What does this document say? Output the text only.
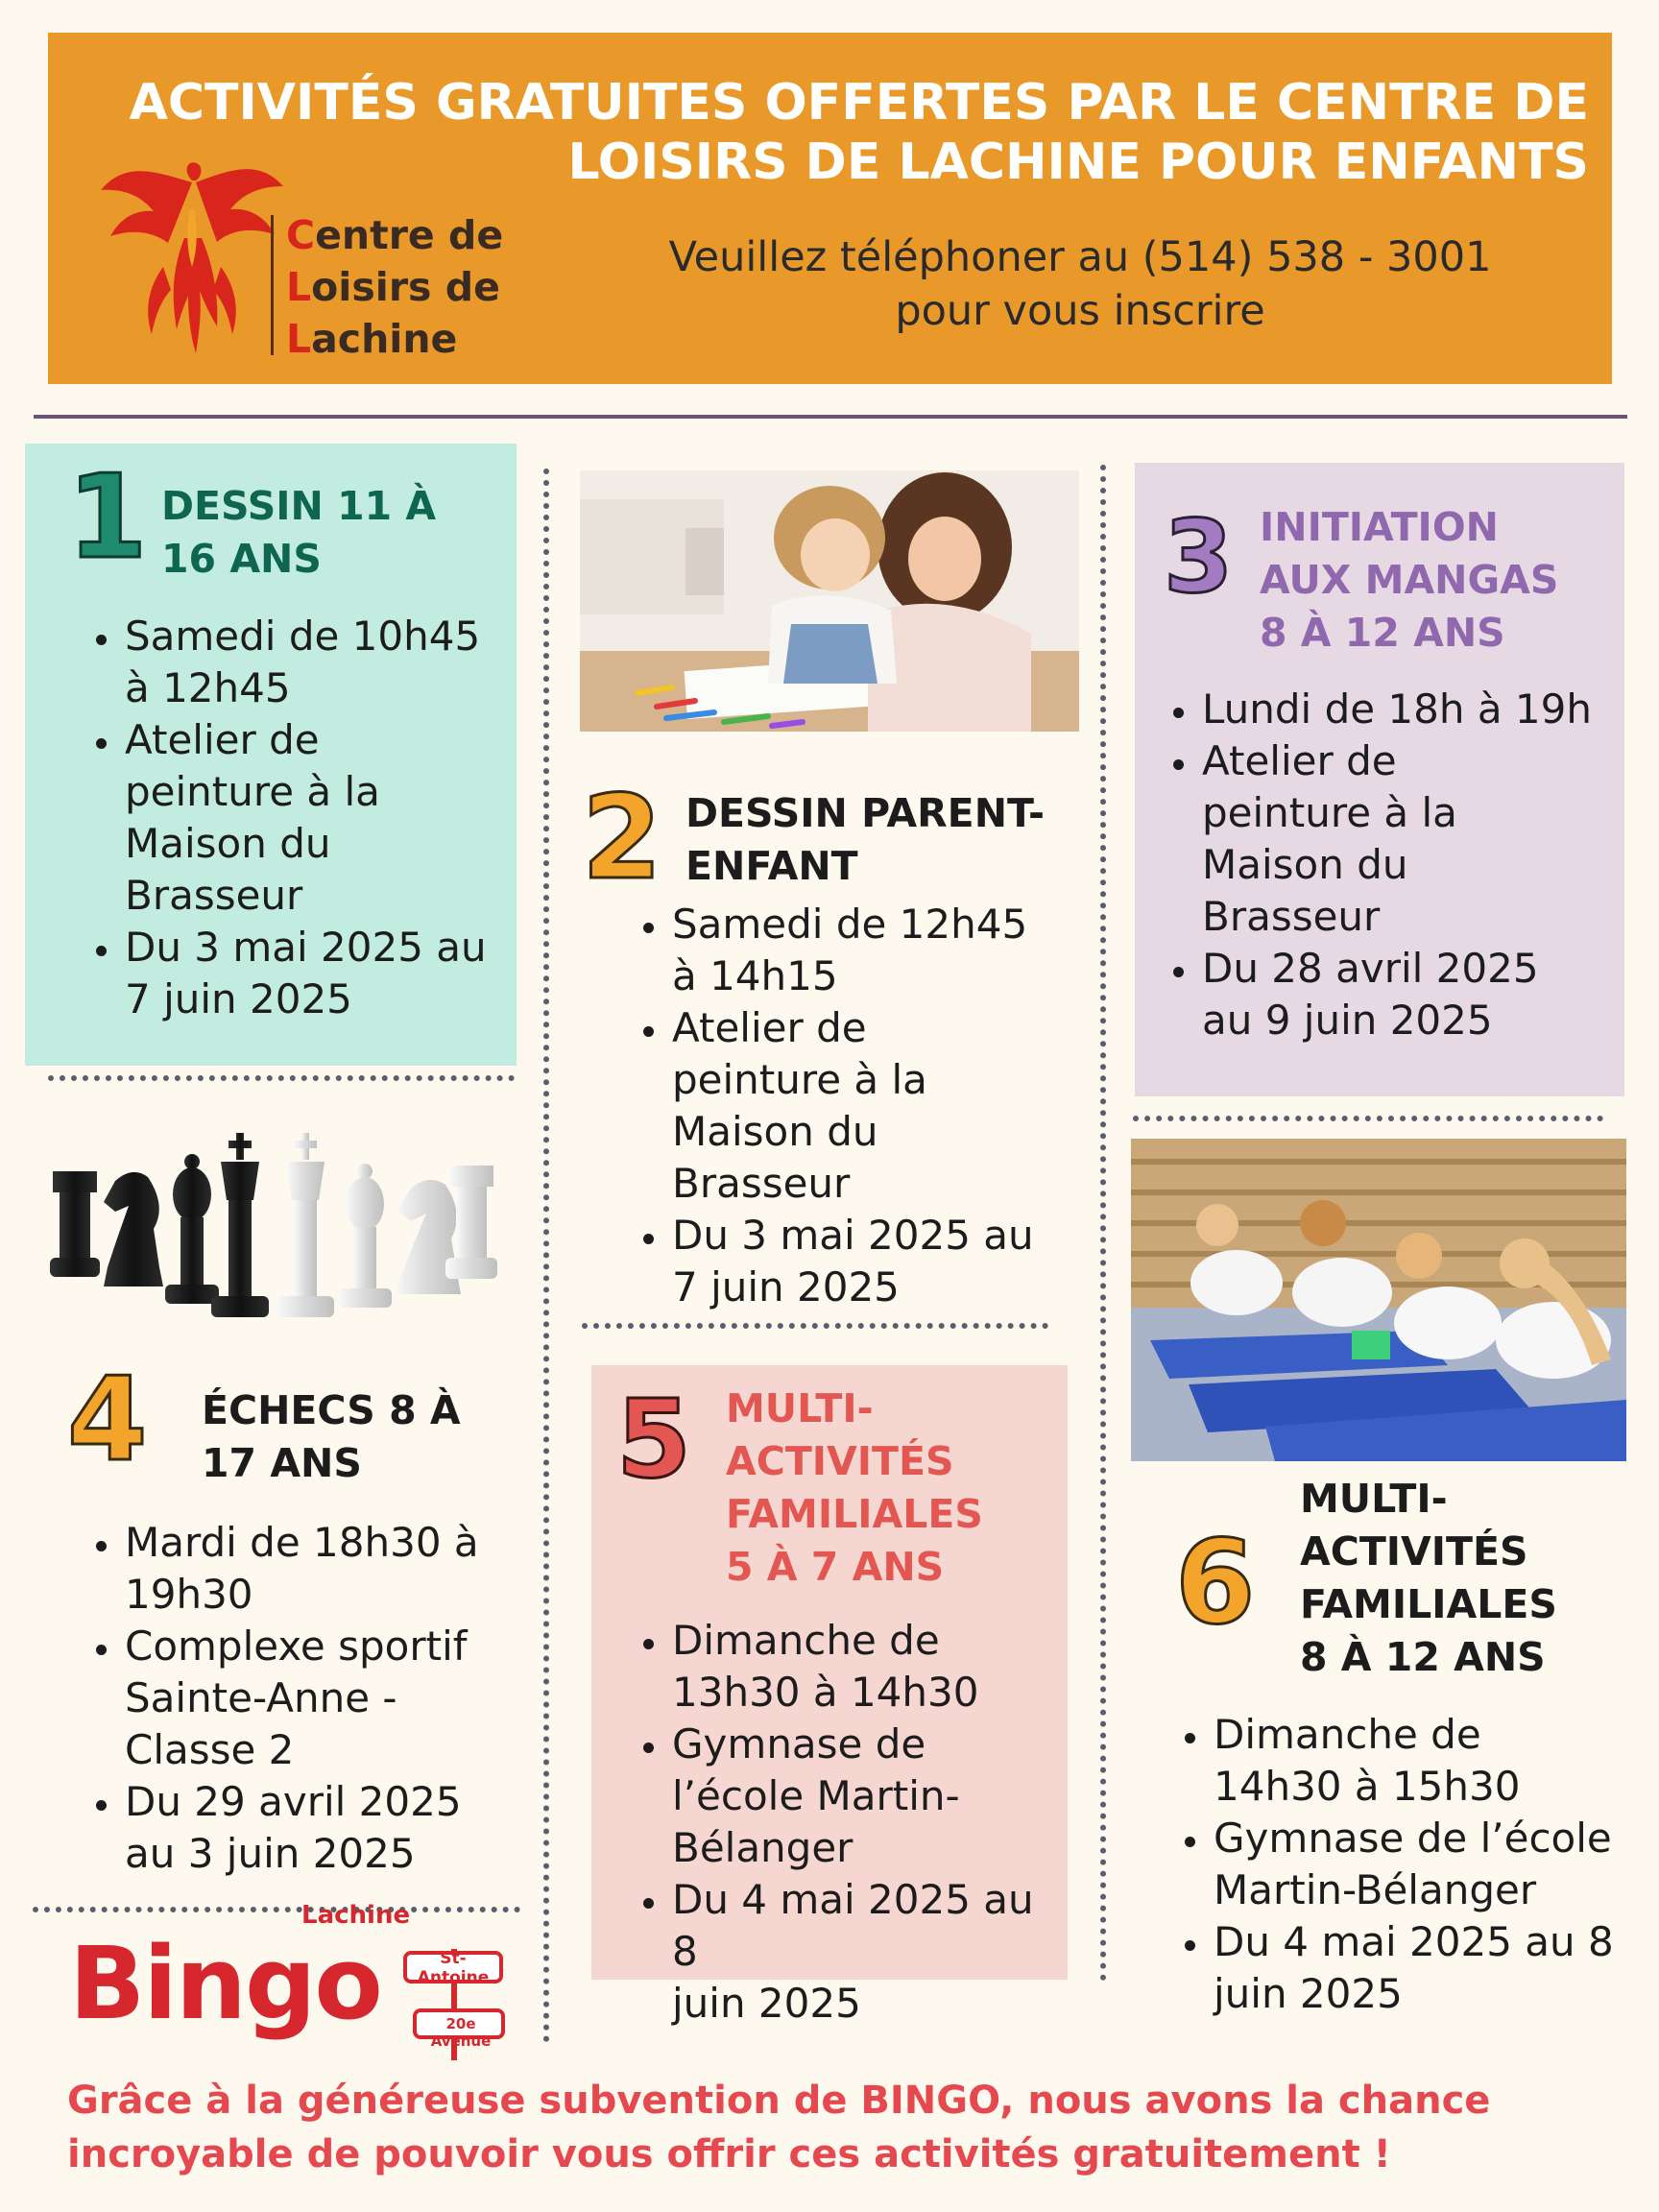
ACTIVITÉS GRATUITES OFFERTES PAR LE CENTRE DE
LOISIRS DE LACHINE POUR ENFANTS
Veuillez téléphoner au (514) 538 - 3001
pour vous inscrire
Centre de
Loisirs de
Lachine
1 DESSIN 11 À
16 ANS
• Samedi de 10h45
à 12h45
• Atelier de
peinture à la
Maison du
Brasseur
• Du 3 mai 2025 au
7 juin 2025
2 DESSIN PARENT-
ENFANT
• Samedi de 12h45
à 14h15
• Atelier de
peinture à la
Maison du
Brasseur
• Du 3 mai 2025 au
7 juin 2025
3 INITIATION
AUX MANGAS
8 À 12 ANS
• Lundi de 18h à 19h
• Atelier de
peinture à la
Maison du
Brasseur
• Du 28 avril 2025
au 9 juin 2025
4 ÉCHECS 8 À
17 ANS
• Mardi de 18h30 à
19h30
• Complexe sportif
Sainte-Anne -
Classe 2
• Du 29 avril 2025
au 3 juin 2025
5 MULTI-
ACTIVITÉS
FAMILIALES
5 À 7 ANS
• Dimanche de
13h30 à 14h30
• Gymnase de
l’école Martin-
Bélanger
• Du 4 mai 2025 au 8
juin 2025
6
MULTI-
ACTIVITÉS
FAMILIALES
8 À 12 ANS
• Dimanche de
14h30 à 15h30
• Gymnase de l’école
Martin-Bélanger
• Du 4 mai 2025 au 8
juin 2025
Lachine
Bingo	St-Antoine
20e Avenue
Grâce à la généreuse subvention de BINGO, nous avons la chance
incroyable de pouvoir vous offrir ces activités gratuitement !
